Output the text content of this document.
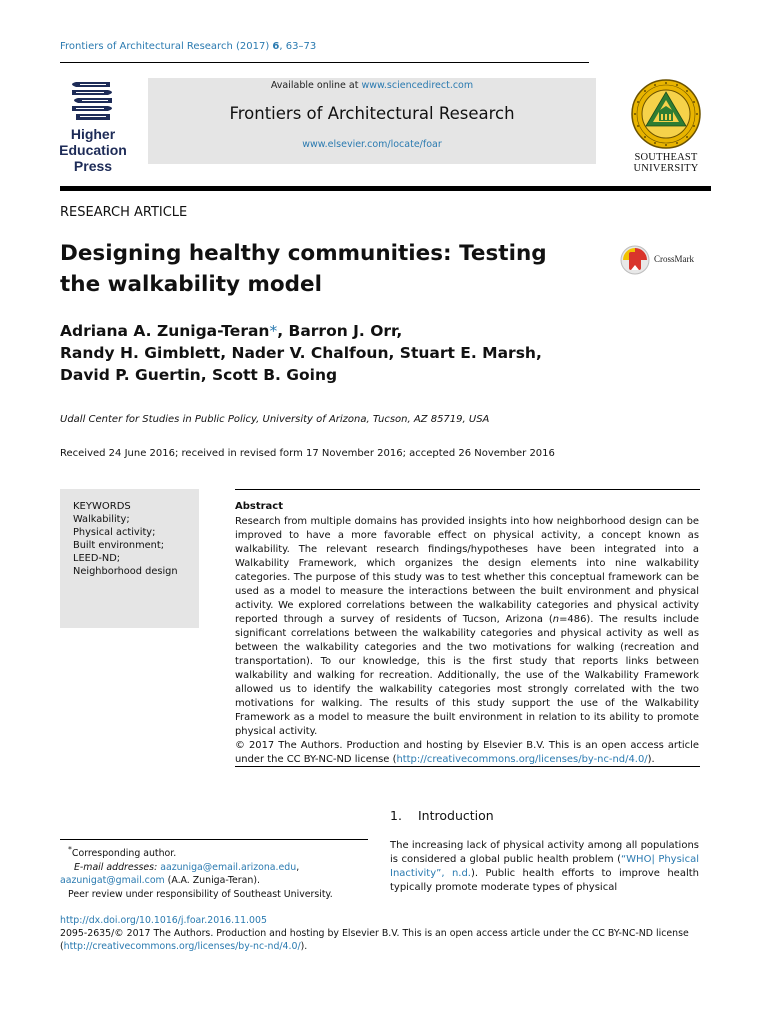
Frontiers of Architectural Research (2017) 6, 63–73
Higher
Education
Press
Available online at www.sciencedirect.com
Frontiers of Architectural Research
www.elsevier.com/locate/foar
SOUTHEAST
UNIVERSITY
RESEARCH ARTICLE
Designing healthy communities: Testing the walkability model
CrossMark
Adriana A. Zuniga-Teran*, Barron J. Orr,
Randy H. Gimblett, Nader V. Chalfoun, Stuart E. Marsh,
David P. Guertin, Scott B. Going
Udall Center for Studies in Public Policy, University of Arizona, Tucson, AZ 85719, USA
Received 24 June 2016; received in revised form 17 November 2016; accepted 26 November 2016
KEYWORDS
Walkability;
Physical activity;
Built environment;
LEED-ND;
Neighborhood design
Abstract
Research from multiple domains has provided insights into how neighborhood design can be improved to have a more favorable effect on physical activity, a concept known as walkability. The relevant research findings/hypotheses have been integrated into a Walkability Framework, which organizes the design elements into nine walkability categories. The purpose of this study was to test whether this conceptual framework can be used as a model to measure the interactions between the built environment and physical activity. We explored correlations between the walkability categories and physical activity reported through a survey of residents of Tucson, Arizona (n=486). The results include significant correlations between the walkability categories and physical activity as well as between the walkability categories and the two motivations for walking (recreation and transportation). To our knowledge, this is the first study that reports links between walkability and walking for recreation. Additionally, the use of the Walkability Framework allowed us to identify the walkability categories most strongly correlated with the two motivations for walking. The results of this study support the use of the Walkability Framework as a model to measure the built environment in relation to its ability to promote physical activity.
© 2017 The Authors. Production and hosting by Elsevier B.V. This is an open access article under the CC BY-NC-ND license (http://creativecommons.org/licenses/by-nc-nd/4.0/).
1. Introduction
The increasing lack of physical activity among all populations is considered a global public health problem (“WHO| Physical Inactivity”, n.d.). Public health efforts to improve health typically promote moderate types of physical
*Corresponding author.
E-mail addresses: aazuniga@email.arizona.edu,
aazunigat@gmail.com (A.A. Zuniga-Teran).
Peer review under responsibility of Southeast University.
http://dx.doi.org/10.1016/j.foar.2016.11.005
2095-2635/© 2017 The Authors. Production and hosting by Elsevier B.V. This is an open access article under the CC BY-NC-ND license
(http://creativecommons.org/licenses/by-nc-nd/4.0/).
